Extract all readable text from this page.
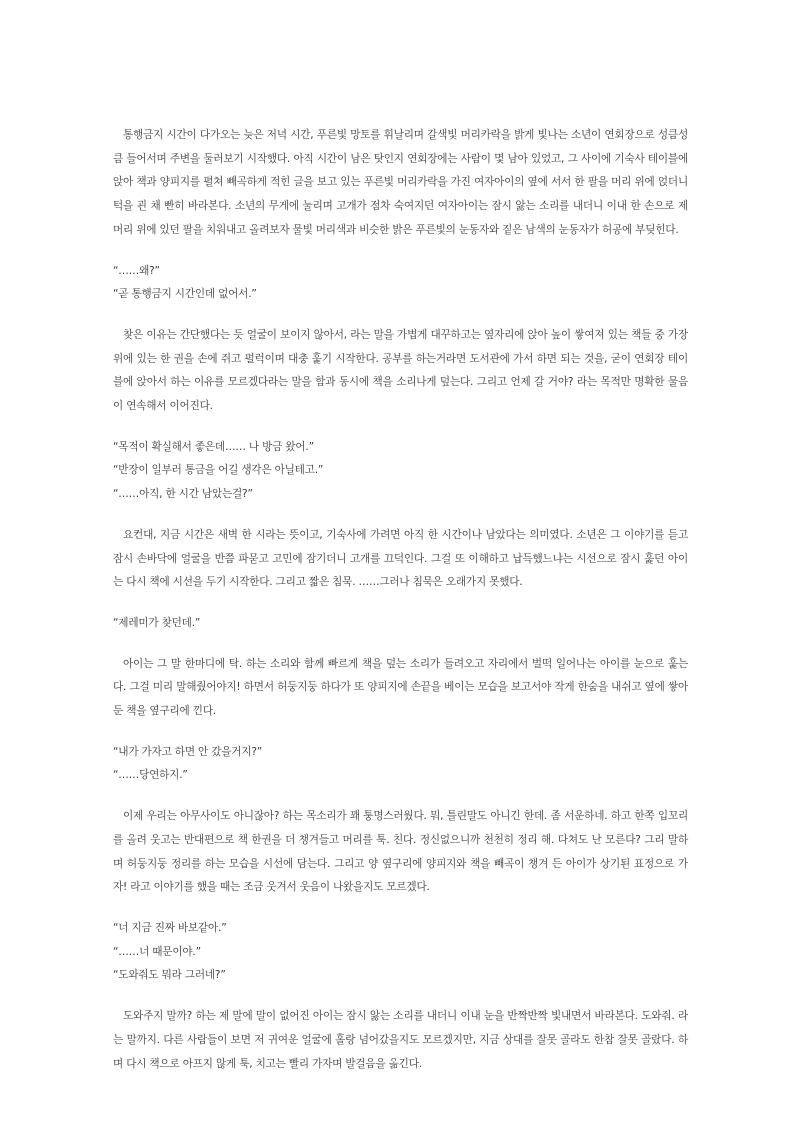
통행금지 시간이 다가오는 늦은 저녁 시간, 푸른빛 망토를 휘날리며 갈색빛 머리카락을 밝게 빛나는 소년이 연회장으로 성큼성큼 들어서며 주변을 둘러보기 시작했다. 아직 시간이 남은 탓인지 연회장에는 사람이 몇 남아 있었고, 그 사이에 기숙사 테이블에 앉아 책과 양피지를 펼쳐 빼곡하게 적힌 글을 보고 있는 푸른빛 머리카락을 가진 여자아이의 옆에 서서 한 팔을 머리 위에 얹더니 턱을 괸 채 빤히 바라본다. 소년의 무게에 눌리며 고개가 점차 숙여지던 여자아이는 잠시 앓는 소리를 내더니 이내 한 손으로 제 머리 위에 있던 팔을 치워내고 올려보자 물빛 머리색과 비슷한 밝은 푸른빛의 눈동자와 짙은 남색의 눈동자가 허공에 부딪힌다.
“……왜?”
“곧 통행금지 시간인데 없어서.”
찾은 이유는 간단했다는 듯 얼굴이 보이지 않아서, 라는 말을 가볍게 대꾸하고는 옆자리에 앉아 높이 쌓여져 있는 책들 중 가장 위에 있는 한 권을 손에 쥐고 펄럭이며 대충 훑기 시작한다. 공부를 하는거라면 도서관에 가서 하면 되는 것을, 굳이 연회장 테이블에 앉아서 하는 이유를 모르겠다라는 말을 함과 동시에 책을 소리나게 덮는다. 그리고 언제 갈 거야? 라는 목적만 명확한 물음이 연속해서 이어진다.
“목적이 확실해서 좋은데…… 나 방금 왔어.”
“반장이 일부러 통금을 어길 생각은 아닐테고.”
“……아직, 한 시간 남았는걸?”
요컨대, 지금 시간은 새벽 한 시라는 뜻이고, 기숙사에 가려면 아직 한 시간이나 남았다는 의미였다. 소년은 그 이야기를 듣고 잠시 손바닥에 얼굴을 반쯤 파묻고 고민에 잠기더니 고개를 끄덕인다. 그걸 또 이해하고 납득했느냐는 시선으로 잠시 훑던 아이는 다시 책에 시선을 두기 시작한다. 그리고 짧은 침묵. ……그러나 침묵은 오래가지 못했다.
“제레미가 찾던데.”
아이는 그 말 한마디에 탁. 하는 소리와 함께 빠르게 책을 덮는 소리가 들려오고 자리에서 벌떡 일어나는 아이를 눈으로 훑는다. 그걸 미리 말해줬어야지! 하면서 허둥지둥 하다가 또 양피지에 손끝을 베이는 모습을 보고서야 작게 한숨을 내쉬고 옆에 쌓아둔 책을 옆구리에 낀다.
“내가 가자고 하면 안 갔을거지?”
“……당연하지.”
이제 우리는 아무사이도 아니잖아? 하는 목소리가 꽤 퉁명스러웠다. 뭐, 틀린말도 아니긴 한데. 좀 서운하네. 하고 한쪽 입꼬리를 올려 웃고는 반대편으로 책 한권을 더 챙겨들고 머리를 툭. 친다. 정신없으니까 천천히 정리 해. 다쳐도 난 모른다? 그리 말하며 허둥지둥 정리를 하는 모습을 시선에 담는다. 그리고 양 옆구리에 양피지와 책을 빼곡이 챙겨 든 아이가 상기된 표정으로 가자! 라고 이야기를 했을 때는 조금 웃겨서 웃음이 나왔을지도 모르겠다.
“너 지금 진짜 바보같아.”
“……너 때문이야.”
“도와줘도 뭐라 그러네?”
도와주지 말까? 하는 제 말에 말이 없어진 아이는 잠시 앓는 소리를 내더니 이내 눈을 반짝반짝 빛내면서 바라본다. 도와줘. 라는 말까지. 다른 사람들이 보면 저 귀여운 얼굴에 홀랑 넘어갔을지도 모르겠지만, 지금 상대를 잘못 골라도 한참 잘못 골랐다. 하며 다시 책으로 아프지 않게 툭, 치고는 빨리 가자며 발걸음을 옮긴다.
